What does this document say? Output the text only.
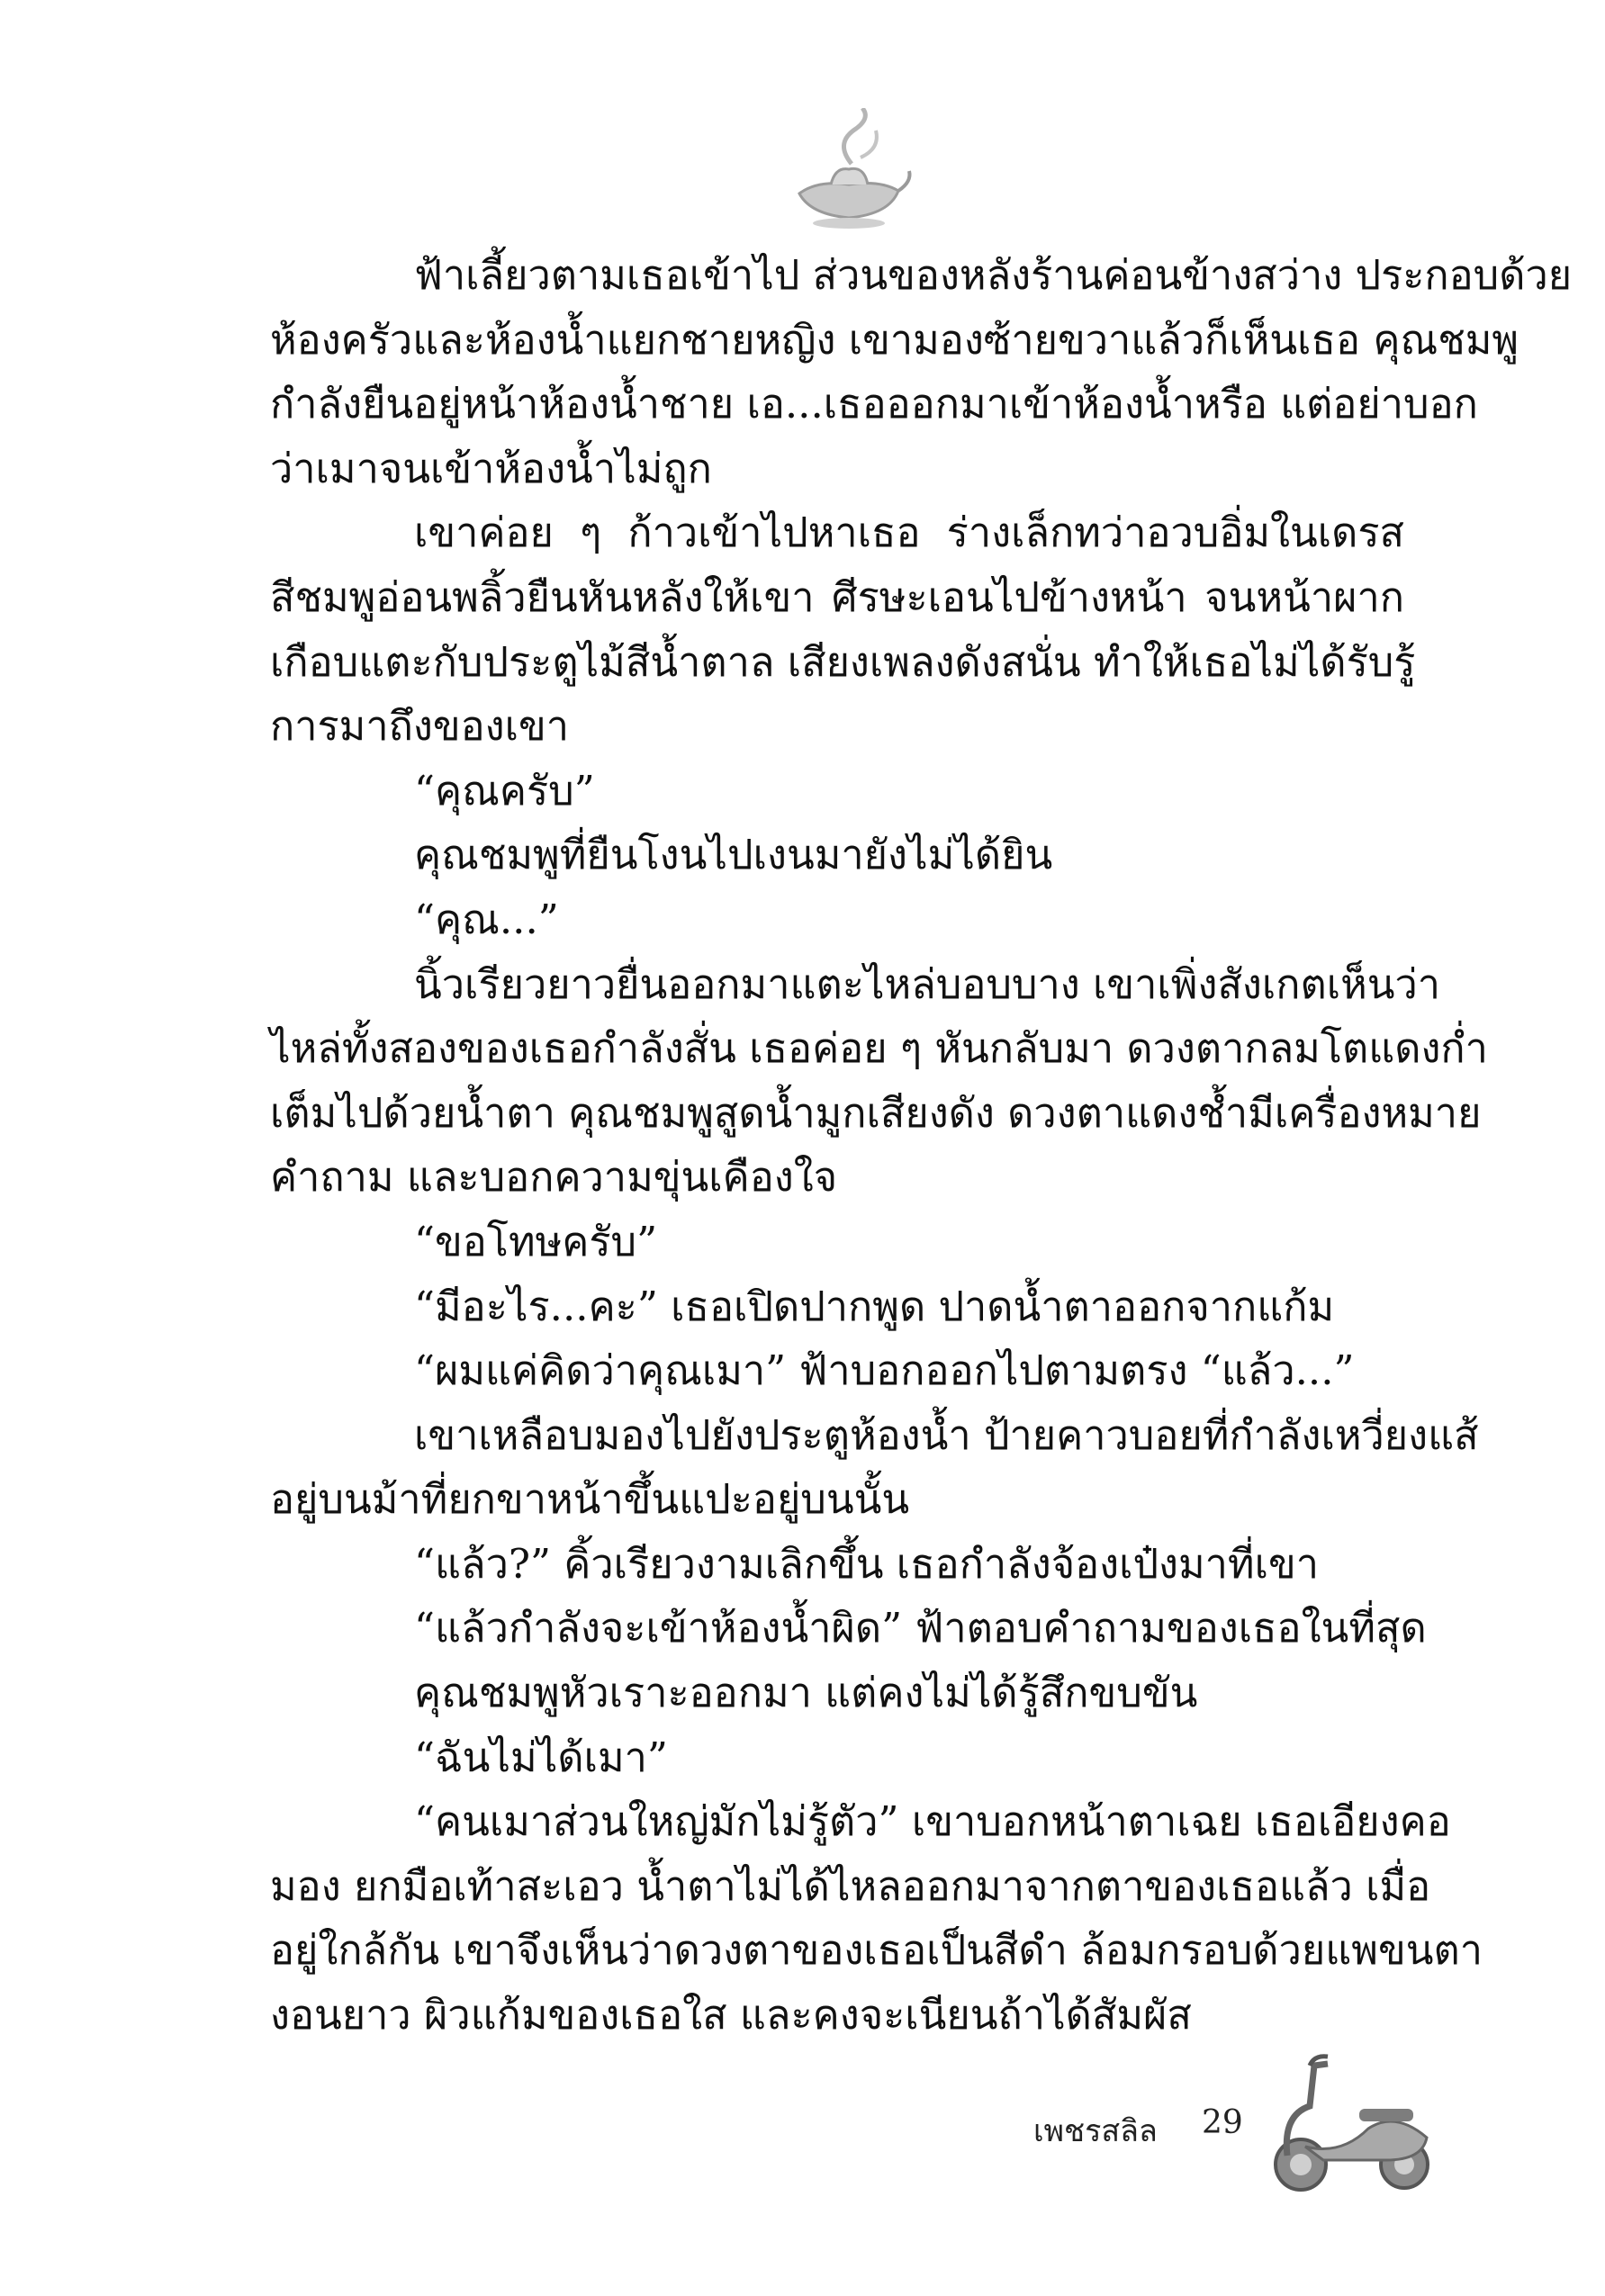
ฟ้าเลี้ยวตามเธอเข้าไป ส่วนของหลังร้านค่อนข้างสว่าง ประกอบด้วย
ห้องครัวและห้องน้ำแยกชายหญิง เขามองซ้ายขวาแล้วก็เห็นเธอ คุณชมพู
กำลังยืนอยู่หน้าห้องน้ำชาย เอ...เธอออกมาเข้าห้องน้ำหรือ แต่อย่าบอก
ว่าเมาจนเข้าห้องน้ำไม่ถูก
เขาค่อย ๆ ก้าวเข้าไปหาเธอ ร่างเล็กทว่าอวบอิ่มในเดรส
สีชมพูอ่อนพลิ้วยืนหันหลังให้เขา ศีรษะเอนไปข้างหน้า จนหน้าผาก
เกือบแตะกับประตูไม้สีน้ำตาล เสียงเพลงดังสนั่น ทำให้เธอไม่ได้รับรู้
การมาถึงของเขา
“คุณครับ”
คุณชมพูที่ยืนโงนไปเงนมายังไม่ได้ยิน
“คุณ...”
นิ้วเรียวยาวยื่นออกมาแตะไหล่บอบบาง เขาเพิ่งสังเกตเห็นว่า
ไหล่ทั้งสองของเธอกำลังสั่น เธอค่อย ๆ หันกลับมา ดวงตากลมโตแดงก่ำ
เต็มไปด้วยน้ำตา คุณชมพูสูดน้ำมูกเสียงดัง ดวงตาแดงช้ำมีเครื่องหมาย
คำถาม และบอกความขุ่นเคืองใจ
“ขอโทษครับ”
“มีอะไร...คะ” เธอเปิดปากพูด ปาดน้ำตาออกจากแก้ม
“ผมแค่คิดว่าคุณเมา” ฟ้าบอกออกไปตามตรง “แล้ว...”
เขาเหลือบมองไปยังประตูห้องน้ำ ป้ายคาวบอยที่กำลังเหวี่ยงแส้
อยู่บนม้าที่ยกขาหน้าขึ้นแปะอยู่บนนั้น
“แล้ว?” คิ้วเรียวงามเลิกขึ้น เธอกำลังจ้องเป๋งมาที่เขา
“แล้วกำลังจะเข้าห้องน้ำผิด” ฟ้าตอบคำถามของเธอในที่สุด
คุณชมพูหัวเราะออกมา แต่คงไม่ได้รู้สึกขบขัน
“ฉันไม่ได้เมา”
“คนเมาส่วนใหญ่มักไม่รู้ตัว” เขาบอกหน้าตาเฉย เธอเอียงคอ
มอง ยกมือเท้าสะเอว น้ำตาไม่ได้ไหลออกมาจากตาของเธอแล้ว เมื่อ
อยู่ใกล้กัน เขาจึงเห็นว่าดวงตาของเธอเป็นสีดำ ล้อมกรอบด้วยแพขนตา
งอนยาว ผิวแก้มของเธอใส และคงจะเนียนถ้าได้สัมผัส
เพชรสลิล 29
